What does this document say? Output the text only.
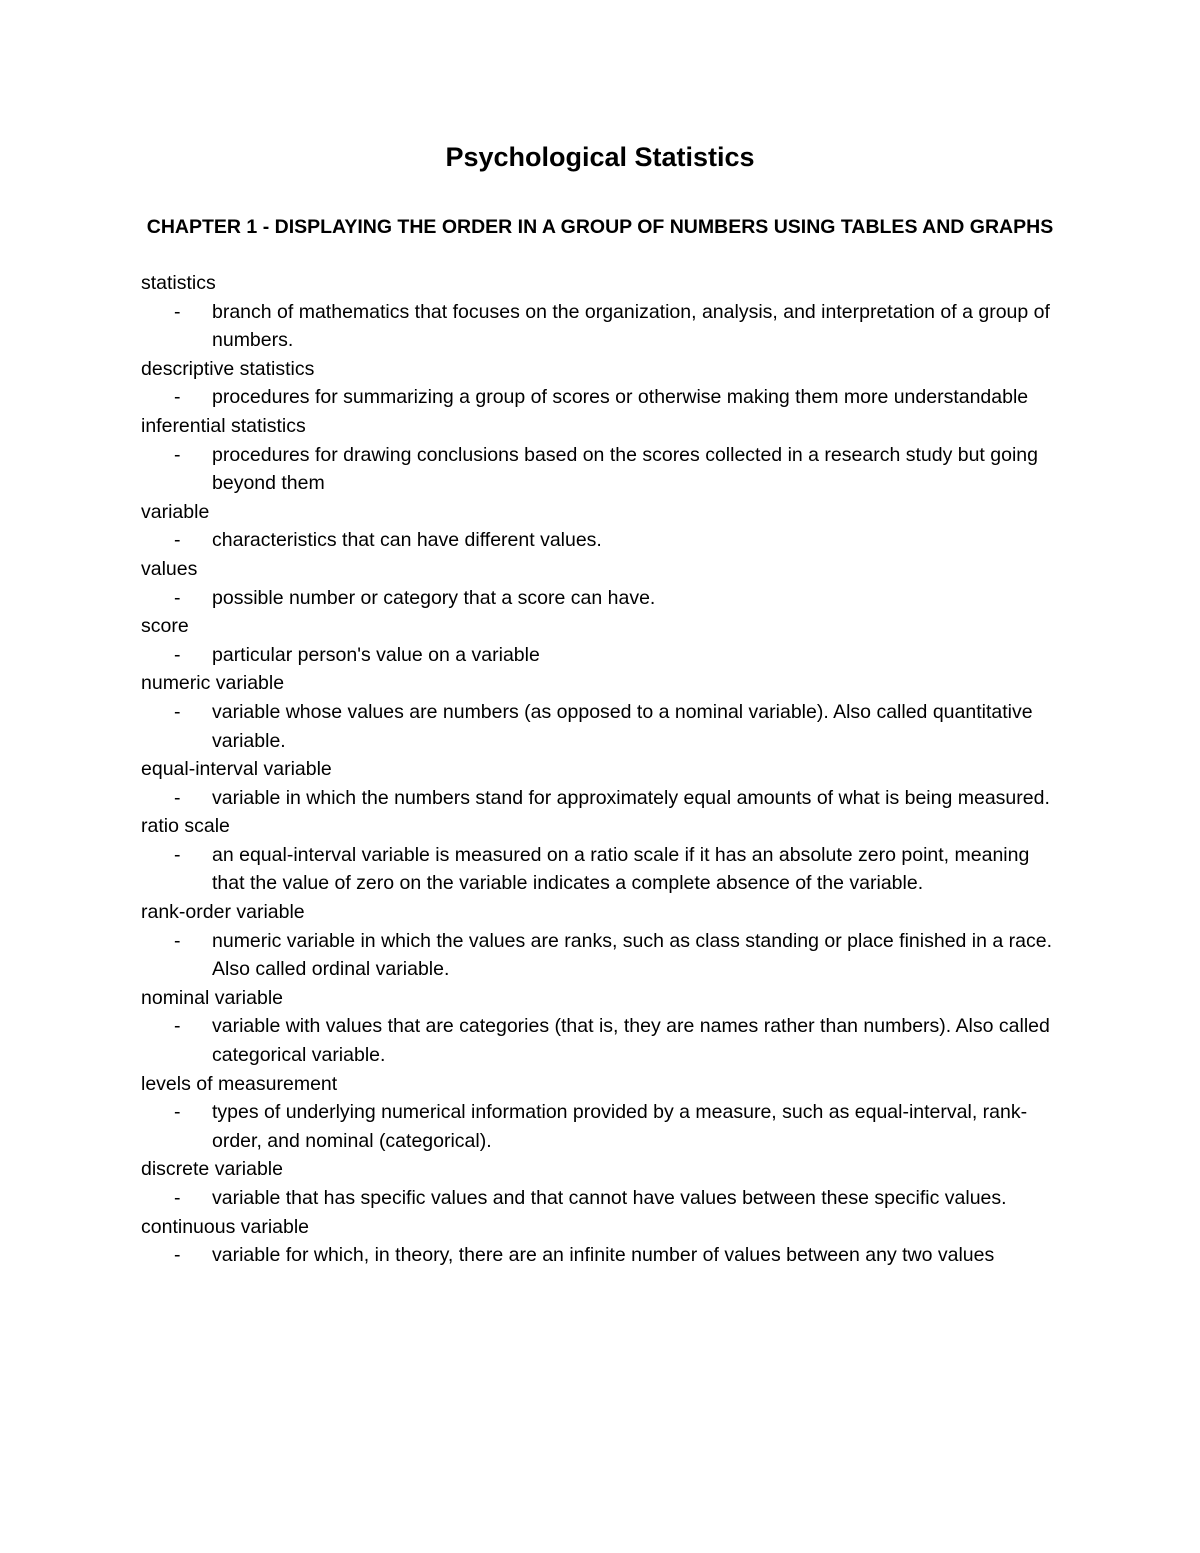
Psychological Statistics
CHAPTER 1 - DISPLAYING THE ORDER IN A GROUP OF NUMBERS USING TABLES AND GRAPHS

statistics

- branch of mathematics that focuses on the organization, analysis, and interpretation of a group of numbers.

descriptive statistics

- procedures for summarizing a group of scores or otherwise making them more understandable

inferential statistics

- procedures for drawing conclusions based on the scores collected in a research study but going beyond them

variable

- characteristics that can have different values.

values

- possible number or category that a score can have.

score

- particular person's value on a variable

numeric variable

- variable whose values are numbers (as opposed to a nominal variable). Also called quantitative variable.

equal-interval variable

- variable in which the numbers stand for approximately equal amounts of what is being measured.

ratio scale

- an equal-interval variable is measured on a ratio scale if it has an absolute zero point, meaning that the value of zero on the variable indicates a complete absence of the variable.

rank-order variable

- numeric variable in which the values are ranks, such as class standing or place finished in a race. Also called ordinal variable.

nominal variable

- variable with values that are categories (that is, they are names rather than numbers). Also called categorical variable.

levels of measurement

- types of underlying numerical information provided by a measure, such as equal-interval, rank-order, and nominal (categorical).

discrete variable

- variable that has specific values and that cannot have values between these specific values.

continuous variable

- variable for which, in theory, there are an infinite number of values between any two values
